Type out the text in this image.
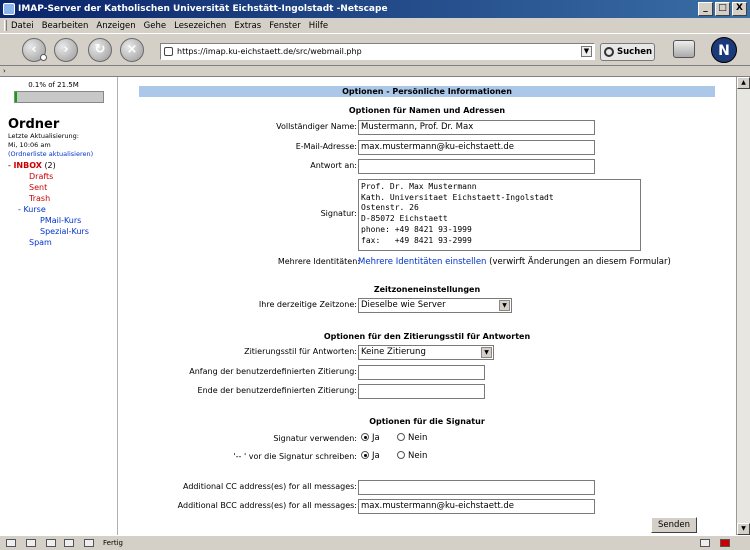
IMAP-Server der Katholischen Universität Eichstätt-Ingolstadt -Netscape	_	□	X
Datei Bearbeiten Anzeigen Gehe Lesezeichen Extras Fenster Hilfe
‹	›	↻	×	https://imap.ku-eichstaett.de/src/webmail.php	▼	Suchen	N
›
0.1% of 21.5M
Ordner
Letzte Aktualisierung:
Mi, 10:06 am
(Ordnerliste aktualisieren)
- INBOX (2)
Drafts
Sent
Trash
- Kurse
PMail-Kurs
Spezial-Kurs
Spam
Optionen - Persönliche Informationen
Optionen für Namen und Adressen
Vollständiger Name: Mustermann, Prof. Dr. Max
E-Mail-Adresse: max.mustermann@ku-eichstaett.de
Antwort an:
Signatur:
Prof. Dr. Max Mustermann Kath. Universitaet Eichstaett-Ingolstadt Ostenstr. 26 D-85072 Eichstaett phone: +49 8421 93-1999 fax: +49 8421 93-2999
Mehrere Identitäten:
Mehrere Identitäten einstellen (verwirft Änderungen an diesem Formular)
Zeitzoneneinstellungen
Ihre derzeitige Zeitzone: Dieselbe wie Server	▼
Optionen für den Zitierungsstil für Antworten
Zitierungsstil für Antworten: Keine Zitierung	▼
Anfang der benutzerdefinierten Zitierung:
Ende der benutzerdefinierten Zitierung:
Optionen für die Signatur
Signatur verwenden:	Ja	Nein
'-- ' vor die Signatur schreiben:	Ja	Nein
Additional CC address(es) for all messages:
Additional BCC address(es) for all messages: max.mustermann@ku-eichstaett.de
Senden
▲
▼
Fertig
